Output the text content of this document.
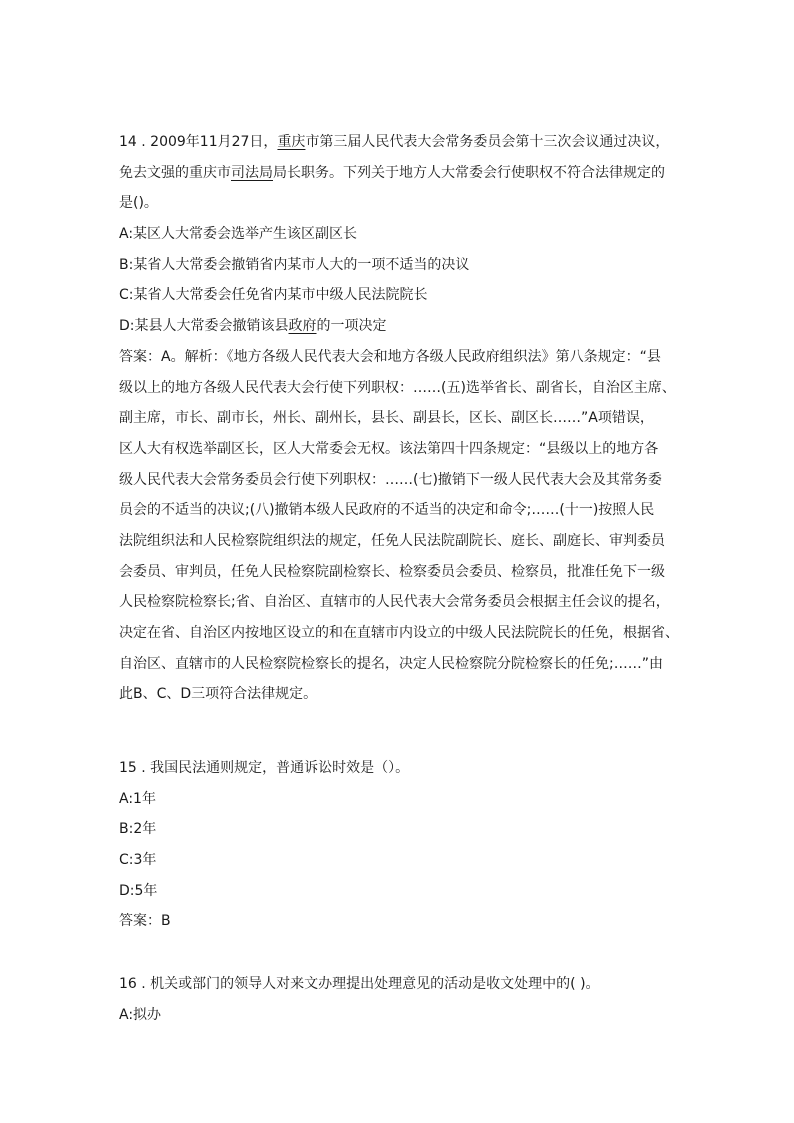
14 . 2009年11月27日，重庆市第三届人民代表大会常务委员会第十三次会议通过决议，
免去文强的重庆市司法局局长职务。下列关于地方人大常委会行使职权不符合法律规定的
是()。
A:某区人大常委会选举产生该区副区长
B:某省人大常委会撤销省内某市人大的一项不适当的决议
C:某省人大常委会任免省内某市中级人民法院院长
D:某县人大常委会撤销该县政府的一项决定
答案：A。解析：《地方各级人民代表大会和地方各级人民政府组织法》第八条规定：“县
级以上的地方各级人民代表大会行使下列职权：……(五)选举省长、副省长，自治区主席、
副主席，市长、副市长，州长、副州长，县长、副县长，区长、副区长……”A项错误，
区人大有权选举副区长，区人大常委会无权。该法第四十四条规定：“县级以上的地方各
级人民代表大会常务委员会行使下列职权：……(七)撤销下一级人民代表大会及其常务委
员会的不适当的决议;(八)撤销本级人民政府的不适当的决定和命令;……(十一)按照人民
法院组织法和人民检察院组织法的规定，任免人民法院副院长、庭长、副庭长、审判委员
会委员、审判员，任免人民检察院副检察长、检察委员会委员、检察员，批准任免下一级
人民检察院检察长;省、自治区、直辖市的人民代表大会常务委员会根据主任会议的提名，
决定在省、自治区内按地区设立的和在直辖市内设立的中级人民法院院长的任免，根据省、
自治区、直辖市的人民检察院检察长的提名，决定人民检察院分院检察长的任免;……”由
此B、C、D三项符合法律规定。
15 . 我国民法通则规定，普通诉讼时效是（）。
A:1年
B:2年
C:3年
D:5年
答案：B
16 . 机关或部门的领导人对来文办理提出处理意见的活动是收文处理中的( )。
A:拟办
